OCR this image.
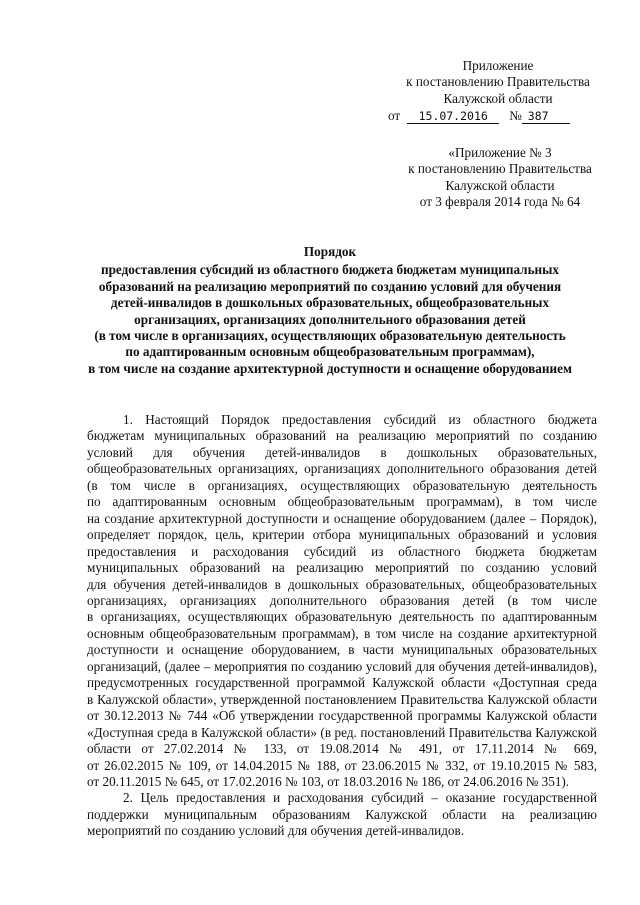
Приложение
к постановлению Правительства
Калужской области
от	15.07.2016	№ 387
«Приложение № 3
к постановлению Правительства
Калужской области
от 3 февраля 2014 года № 64
Порядок
предоставления субсидий из областного бюджета бюджетам муниципальных
образований на реализацию мероприятий по созданию условий для обучения
детей-инвалидов в дошкольных образовательных, общеобразовательных
организациях, организациях дополнительного образования детей
(в том числе в организациях, осуществляющих образовательную деятельность
по адаптированным основным общеобразовательным программам),
в том числе на создание архитектурной доступности и оснащение оборудованием
1. Настоящий Порядок предоставления субсидий из областного бюджета
бюджетам муниципальных образований на реализацию мероприятий по созданию
условий для обучения детей-инвалидов в дошкольных образовательных,
общеобразовательных организациях, организациях дополнительного образования детей
(в том числе в организациях, осуществляющих образовательную деятельность
по адаптированным основным общеобразовательным программам), в том числе
на создание архитектурной доступности и оснащение оборудованием (далее – Порядок),
определяет порядок, цель, критерии отбора муниципальных образований и условия
предоставления и расходования субсидий из областного бюджета бюджетам
муниципальных образований на реализацию мероприятий по созданию условий
для обучения детей-инвалидов в дошкольных образовательных, общеобразовательных
организациях, организациях дополнительного образования детей (в том числе
в организациях, осуществляющих образовательную деятельность по адаптированным
основным общеобразовательным программам), в том числе на создание архитектурной
доступности и оснащение оборудованием, в части муниципальных образовательных
организаций, (далее – мероприятия по созданию условий для обучения детей-инвалидов),
предусмотренных государственной программой Калужской области «Доступная среда
в Калужской области», утвержденной постановлением Правительства Калужской области
от 30.12.2013 № 744 «Об утверждении государственной программы Калужской области
«Доступная среда в Калужской области» (в ред. постановлений Правительства Калужской
области от 27.02.2014 № 133, от 19.08.2014 № 491, от 17.11.2014 № 669,
от 26.02.2015 № 109, от 14.04.2015 № 188, от 23.06.2015 № 332, от 19.10.2015 № 583,
от 20.11.2015 № 645, от 17.02.2016 № 103, от 18.03.2016 № 186, от 24.06.2016 № 351).
2. Цель предоставления и расходования субсидий – оказание государственной
поддержки муниципальным образованиям Калужской области на реализацию
мероприятий по созданию условий для обучения детей-инвалидов.
